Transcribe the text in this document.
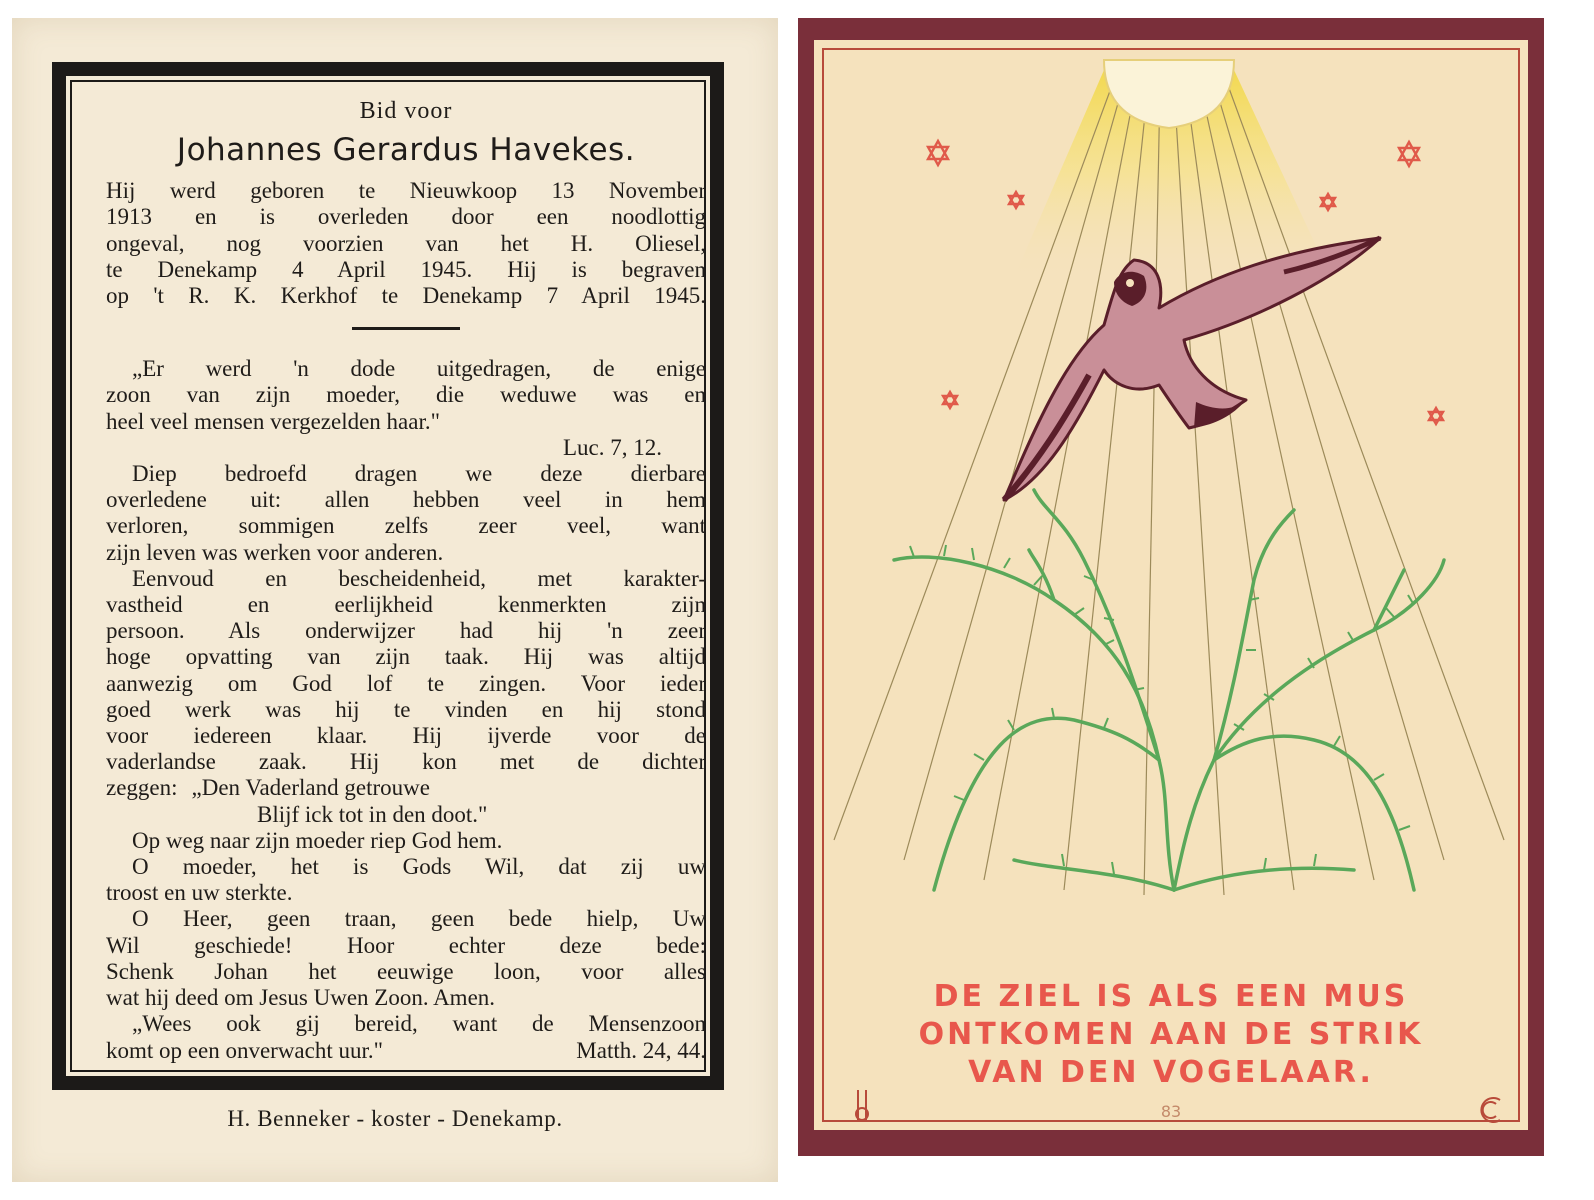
Bid voor

Johannes Gerardus Havekes.

Hij werd geboren te Nieuwkoop 13 November

1913 en is overleden door een noodlottig

ongeval, nog voorzien van het H. Oliesel,

te Denekamp 4 April 1945. Hij is begraven

op 't R. K. Kerkhof te Denekamp 7 April 1945.

„Er werd 'n dode uitgedragen, de enige

zoon van zijn moeder, die weduwe was en

heel veel mensen vergezelden haar."

Luc. 7, 12.

Diep bedroefd dragen we deze dierbare

overledene uit: allen hebben veel in hem

verloren, sommigen zelfs zeer veel, want

zijn leven was werken voor anderen.

Eenvoud en bescheidenheid, met karakter-

vastheid en eerlijkheid kenmerkten zijn

persoon. Als onderwijzer had hij 'n zeer

hoge opvatting van zijn taak. Hij was altijd

aanwezig om God lof te zingen. Voor ieder

goed werk was hij te vinden en hij stond

voor iedereen klaar. Hij ijverde voor de

vaderlandse zaak. Hij kon met de dichter

zeggen: „Den Vaderland getrouwe

Blijf ick tot in den doot."

Op weg naar zijn moeder riep God hem.

O moeder, het is Gods Wil, dat zij uw

troost en uw sterkte.

O Heer, geen traan, geen bede hielp, Uw

Wil geschiede! Hoor echter deze bede:

Schenk Johan het eeuwige loon, voor alles

wat hij deed om Jesus Uwen Zoon. Amen.

„Wees ook gij bereid, want de Mensenzoon

komt op een onverwacht uur."	Matth. 24, 44.

H. Benneker - koster - Denekamp.
DE ZIEL IS ALS EEN MUS
ONTKOMEN AAN DE STRIK
VAN DEN VOGELAAR.
83
